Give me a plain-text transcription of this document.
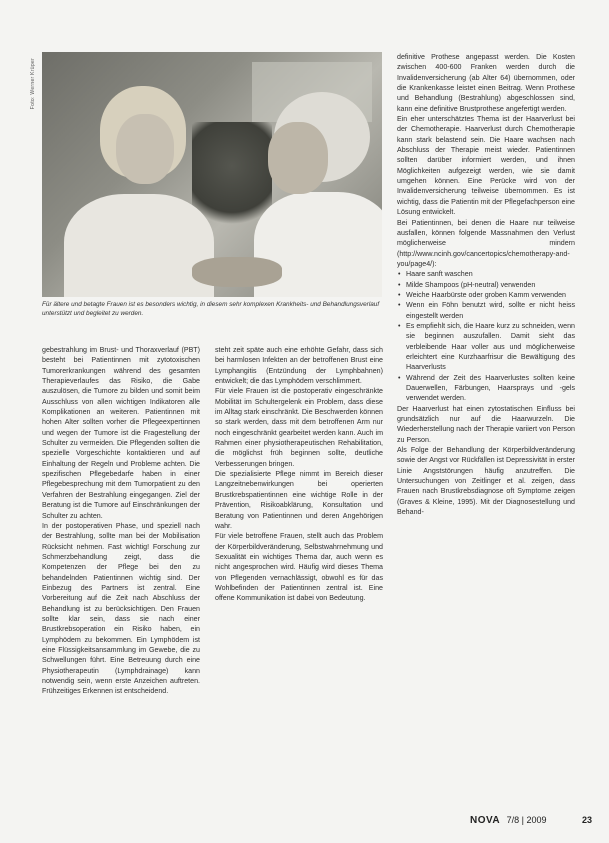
Foto: Werner Krüper
Für ältere und betagte Frauen ist es besonders wichtig, in diesem sehr komplexen Krankheits- und Behandlungsverlauf unterstützt und begleitet zu werden.

gebestrahlung im Brust- und Thoraxverlauf (PBT) besteht bei Patientinnen mit zytotoxischen Tumorerkrankungen während des gesamten Therapieverlaufes das Risiko, die Gabe auszulösen, die Tumore zu bilden und somit beim Ausschluss von allen wichtigen Indikatoren alle Komplikationen an weiteren. Patientinnen mit hohen Alter sollten vorher die Pflegeexpertinnen und wegen der Tumore ist die Fragestellung der Schulter zu vermeiden. Die Pflegenden sollten die spezielle Vorgeschichte kontaktieren und auf Einhaltung der Regeln und Probleme achten. Die spezifischen Pflegebedarfe haben in einer Pflegebesprechung mit dem Tumorpatient zu den Verfahren der Bestrahlung eingegangen. Ziel der Beratung ist die Tumore auf Einschränkungen der Schulter zu achten.

In der postoperativen Phase, und speziell nach der Bestrahlung, sollte man bei der Mobilisation Rücksicht nehmen. Fast wichtig! Forschung zur Schmerzbehandlung zeigt, dass die Kompetenzen der Pflege bei den zu behandelnden Patientinnen wichtig sind. Der Einbezug des Partners ist zentral. Eine Vorbereitung auf die Zeit nach Abschluss der Behandlung ist zu berücksichtigen. Den Frauen sollte klar sein, dass sie nach einer Brustkrebsoperation ein Risiko haben, ein Lymphödem zu bekommen. Ein Lymphödem ist eine Flüssigkeitsansammlung im Gewebe, die zu Schwellungen führt. Eine Betreuung durch eine Physiotherapeutin (Lymphdrainage) kann notwendig sein, wenn erste Anzeichen auftreten. Frühzeitiges Erkennen ist entscheidend.

steht zeit späte auch eine erhöhte Gefahr, dass sich bei harmlosen Infekten an der betroffenen Brust eine Lymphangitis (Entzündung der Lymphbahnen) entwickelt; die das Lymphödem verschlimmert.

Für viele Frauen ist die postoperativ eingeschränkte Mobilität im Schultergelenk ein Problem, dass diese im Alltag stark einschränkt. Die Beschwerden können so stark werden, dass mit dem betroffenen Arm nur noch eingeschränkt gearbeitet werden kann. Auch im Rahmen einer physiotherapeutischen Rehabilitation, die möglichst früh beginnen sollte, deutliche Verbesserungen bringen.

Die spezialisierte Pflege nimmt im Bereich dieser Langzeitnebenwirkungen bei operierten Brustkrebspatientinnen eine wichtige Rolle in der Prävention, Risikoabklärung, Konsultation und Beratung von Patientinnen und deren Angehörigen wahr.

Für viele betroffene Frauen, stellt auch das Problem der Körperbildveränderung, Selbstwahrnehmung und Sexualität ein wichtiges Thema dar, auch wenn es nicht angesprochen wird. Häufig wird dieses Thema von Pflegenden vernachlässigt, obwohl es für das Wohlbefinden der Patientinnen zentral ist. Eine offene Kommunikation ist dabei von Bedeutung.

definitive Prothese angepasst werden. Die Kosten zwischen 400-600 Franken werden durch die Invalidenversicherung (ab Alter 64) übernommen, oder die Krankenkasse leistet einen Beitrag. Wenn Prothese und Behandlung (Bestrahlung) abgeschlossen sind, kann eine definitive Brustprothese angefertigt werden.

Ein eher unterschätztes Thema ist der Haarverlust bei der Chemotherapie. Haarverlust durch Chemotherapie kann stark belastend sein. Die Haare wachsen nach Abschluss der Therapie meist wieder. Patientinnen sollten darüber informiert werden, und ihnen Möglichkeiten aufgezeigt werden, wie sie damit umgehen können. Eine Perücke wird von der Invalidenversicherung teilweise übernommen. Es ist wichtig, dass die Patientin mit der Pflegefachperson eine Lösung entwickelt.

Bei Patientinnen, bei denen die Haare nur teilweise ausfallen, können folgende Massnahmen den Verlust möglicherweise mindern (http://www.ncinh.gov/cancertopics/chemotherapy-and-you/page4/):

• Haare sanft waschen
• Milde Shampoos (pH-neutral) verwenden
• Weiche Haarbürste oder groben Kamm verwenden
• Wenn ein Föhn benutzt wird, sollte er nicht heiss eingestellt werden
• Es empfiehlt sich, die Haare kurz zu schneiden, wenn sie beginnen auszufallen. Damit sieht das verbleibende Haar voller aus und möglicherweise erleichtert eine Kurzhaarfrisur die Bewältigung des Haarverlusts
• Während der Zeit des Haarverlustes sollten keine Dauerwellen, Färbungen, Haarsprays und -gels verwendet werden.

Der Haarverlust hat einen zytostatischen Einfluss bei grundsätzlich nur auf die Haarwurzeln. Die Wiederherstellung nach der Therapie variiert von Person zu Person.

Als Folge der Behandlung der Körperbildveränderung sowie der Angst vor Rückfällen ist Depressivität in erster Linie Angststörungen häufig anzutreffen. Die Untersuchungen von Zeitlinger et al. zeigen, dass Frauen nach Brustkrebsdiagnose oft Symptome zeigen (Graves & Kleine, 1995). Mit der Diagnosestellung und Behand-

NOVA 7/8 | 2009	23
